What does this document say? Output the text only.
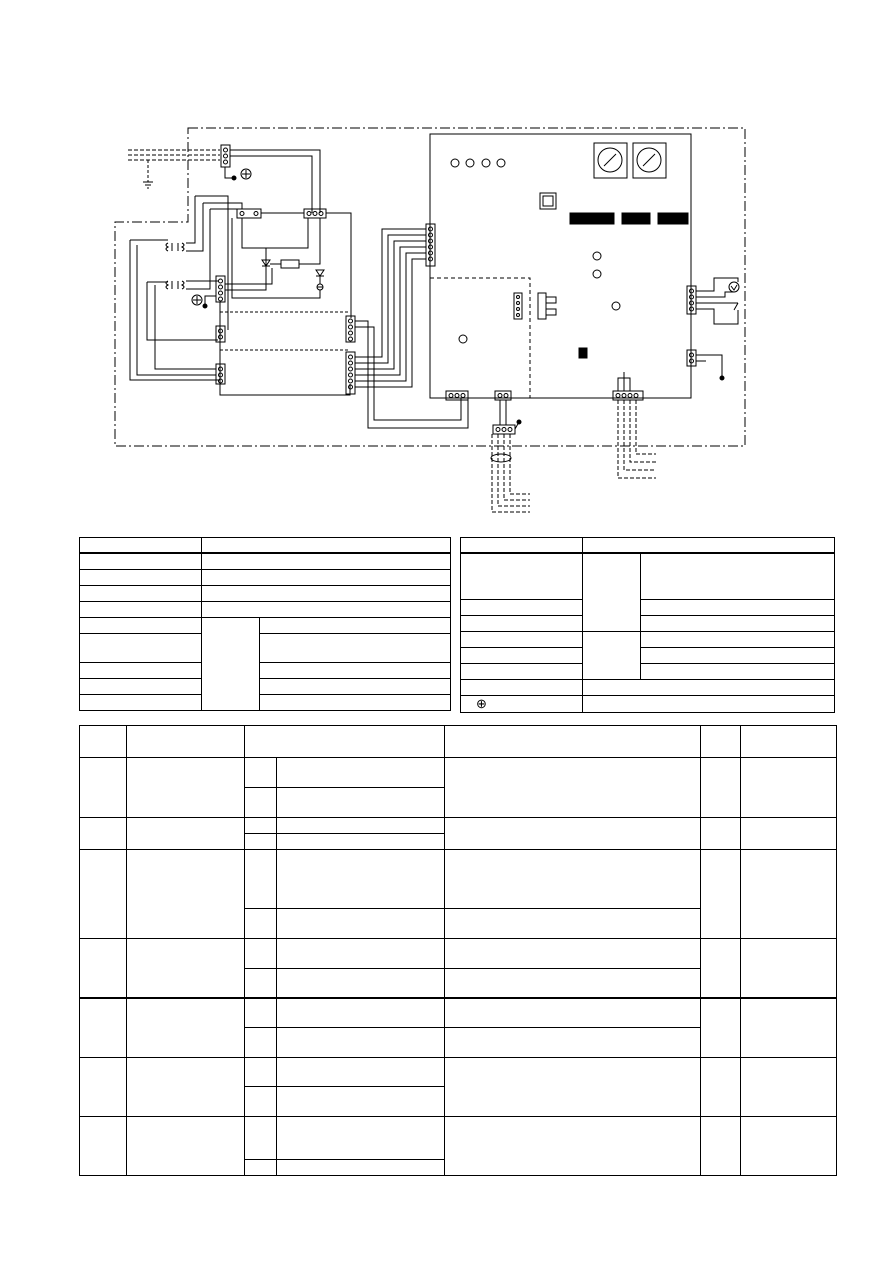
⊕		
